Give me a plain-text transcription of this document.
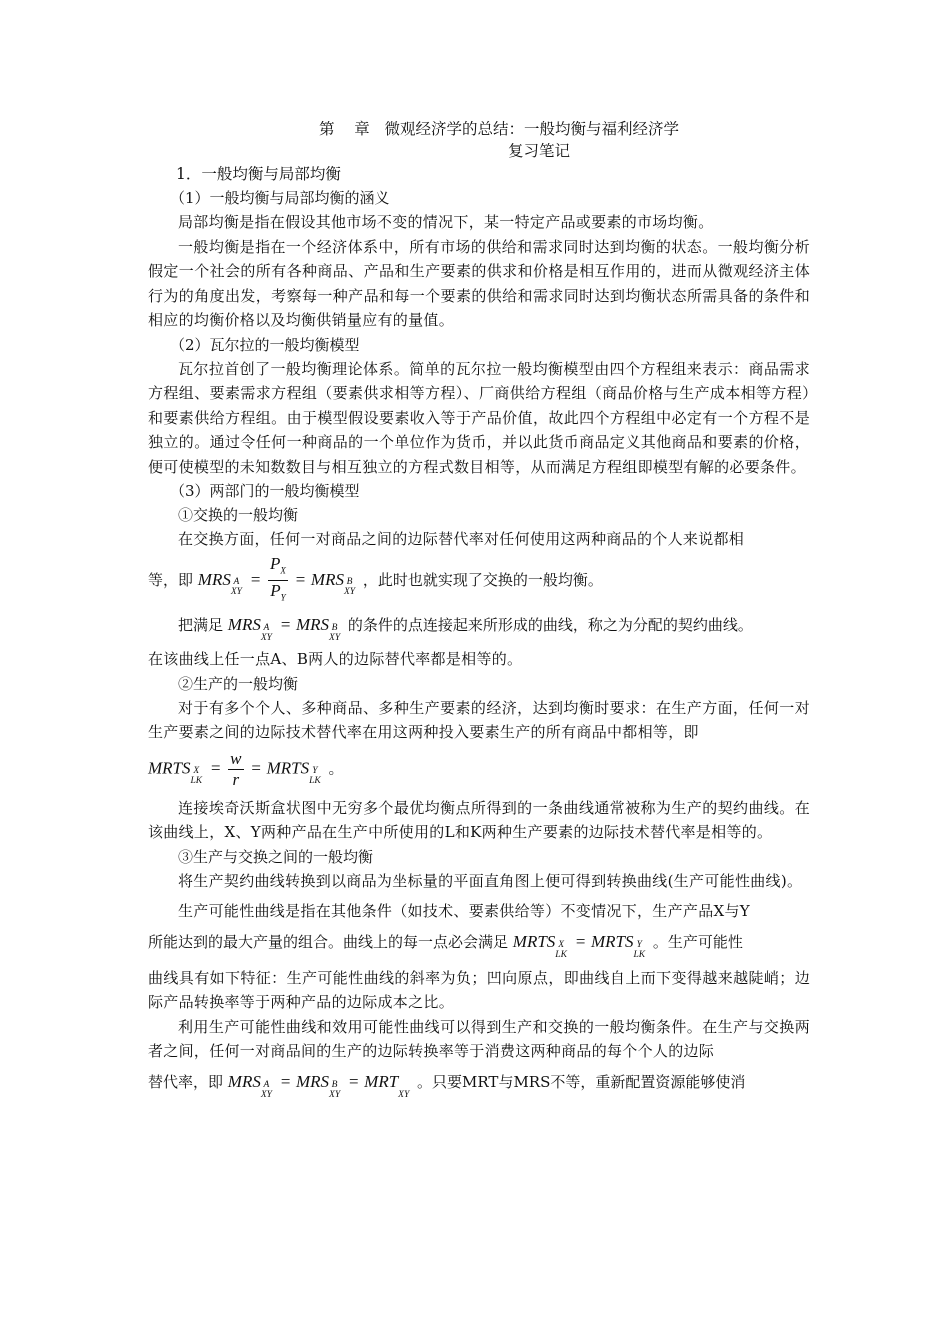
第    章   微观经济学的总结：一般均衡与福利经济学
复习笔记
1．一般均衡与局部均衡
（1）一般均衡与局部均衡的涵义
局部均衡是指在假设其他市场不变的情况下，某一特定产品或要素的市场均衡。
一般均衡是指在一个经济体系中，所有市场的供给和需求同时达到均衡的状态。一般均衡分析假定一个社会的所有各种商品、产品和生产要素的供求和价格是相互作用的，进而从微观经济主体行为的角度出发，考察每一种产品和每一个要素的供给和需求同时达到均衡状态所需具备的条件和相应的均衡价格以及均衡供销量应有的量值。
（2）瓦尔拉的一般均衡模型
瓦尔拉首创了一般均衡理论体系。简单的瓦尔拉一般均衡模型由四个方程组来表示：商品需求方程组、要素需求方程组（要素供求相等方程）、厂商供给方程组（商品价格与生产成本相等方程）和要素供给方程组。由于模型假设要素收入等于产品价值，故此四个方程组中必定有一个方程不是独立的。通过令任何一种商品的一个单位作为货币，并以此货币商品定义其他商品和要素的价格，便可使模型的未知数数目与相互独立的方程式数目相等，从而满足方程组即模型有解的必要条件。
（3）两部门的一般均衡模型
①交换的一般均衡
在交换方面，任何一对商品之间的边际替代率对任何使用这两种商品的个人来说都相
等，即 MRS A
XY
= $\frac{P_X}{P_Y}$ = MRS B
XY
，此时也就实现了交换的一般均衡。
把满足 MRS A
XY
= MRS B
XY
的条件的点连接起来所形成的曲线，称之为分配的契约曲线。
在该曲线上任一点A、B两人的边际替代率都是相等的。
②生产的一般均衡
对于有多个个人、多种商品、多种生产要素的经济，达到均衡时要求：在生产方面，任何一对生产要素之间的边际技术替代率在用这两种投入要素生产的所有商品中都相等，即
MRTS X
LK
= $\frac{w}{r}$ = MRTS Y
LK
。
连接埃奇沃斯盒状图中无穷多个最优均衡点所得到的一条曲线通常被称为生产的契约曲线。在该曲线上，X、Y两种产品在生产中所使用的L和K两种生产要素的边际技术替代率是相等的。
③生产与交换之间的一般均衡
将生产契约曲线转换到以商品为坐标量的平面直角图上便可得到转换曲线(生产可能性曲线)。
生产可能性曲线是指在其他条件（如技术、要素供给等）不变情况下，生产产品X与Y
所能达到的最大产量的组合。曲线上的每一点必会满足 MRTS X
LK
= MRTS Y
LK
。生产可能性
曲线具有如下特征：生产可能性曲线的斜率为负；凹向原点，即曲线自上而下变得越来越陡峭；边际产品转换率等于两种产品的边际成本之比。
利用生产可能性曲线和效用可能性曲线可以得到生产和交换的一般均衡条件。在生产与交换两者之间，任何一对商品间的生产的边际转换率等于消费这两种商品的每个个人的边际
替代率，即 MRS A
XY
= MRS B
XY
= MRT

XY
。只要MRT与MRS不等，重新配置资源能够使消
